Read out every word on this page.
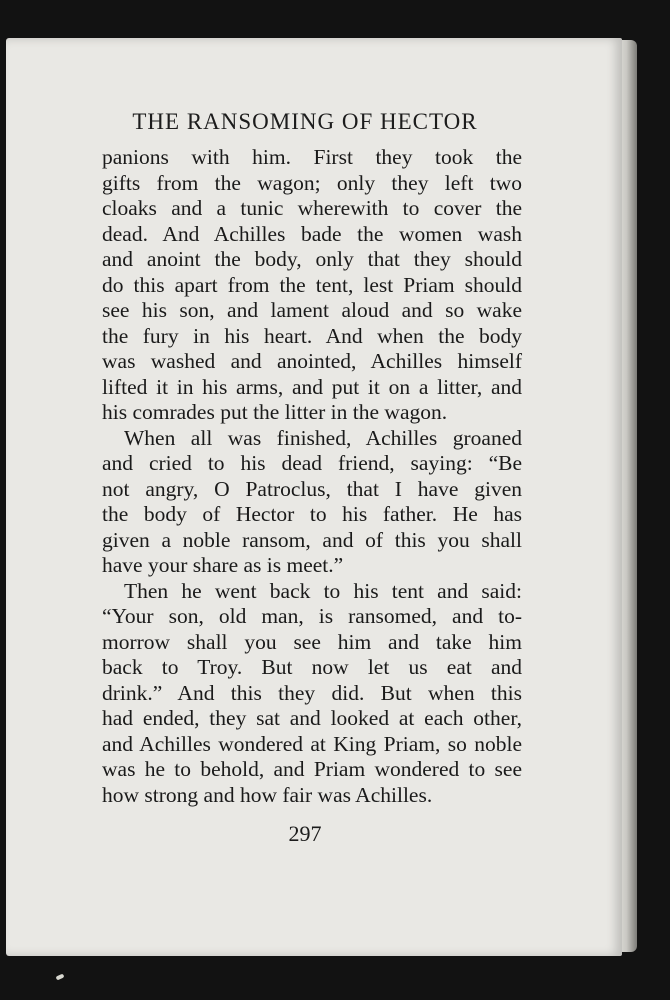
THE RANSOMING OF HECTOR
panions with him. First they took the
gifts from the wagon; only they left two
cloaks and a tunic wherewith to cover the
dead. And Achilles bade the women wash
and anoint the body, only that they should
do this apart from the tent, lest Priam should
see his son, and lament aloud and so wake
the fury in his heart. And when the body
was washed and anointed, Achilles himself
lifted it in his arms, and put it on a litter, and
his comrades put the litter in the wagon.
When all was finished, Achilles groaned
and cried to his dead friend, saying: “Be
not angry, O Patroclus, that I have given
the body of Hector to his father. He has
given a noble ransom, and of this you shall
have your share as is meet.”
Then he went back to his tent and said:
“Your son, old man, is ransomed, and to-
morrow shall you see him and take him
back to Troy. But now let us eat and
drink.” And this they did. But when this
had ended, they sat and looked at each other,
and Achilles wondered at King Priam, so noble
was he to behold, and Priam wondered to see
how strong and how fair was Achilles.
297
